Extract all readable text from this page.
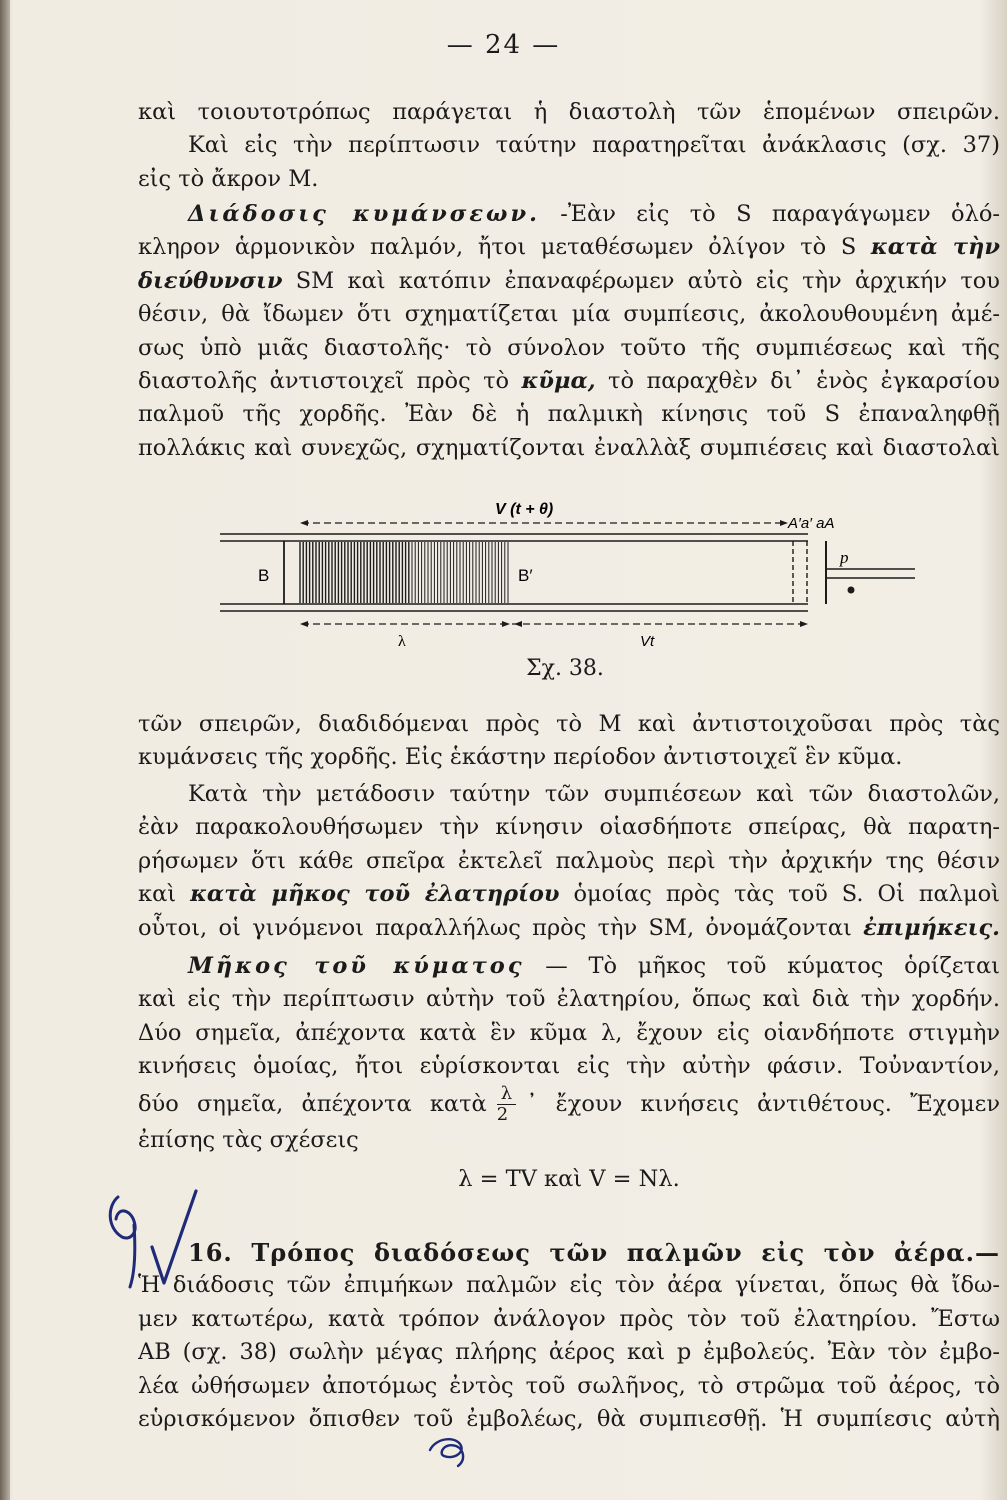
— 24 —
καὶ τοιουτοτρόπως παράγεται ἡ διαστολὴ τῶν ἑπομένων σπειρῶν.
Καὶ εἰς τὴν περίπτωσιν ταύτην παρατηρεῖται ἀνάκλασις (σχ. 37)
εἰς τὸ ἄκρον Μ.
Διάδοσις κυμάνσεων. -Ἐὰν εἰς τὸ S παραγάγωμεν ὁλό-
κληρον ἁρμονικὸν παλμόν, ἤτοι μεταθέσωμεν ὀλίγον τὸ S κατὰ τὴν
διεύθυνσιν SM καὶ κατόπιν ἐπαναφέρωμεν αὐτὸ εἰς τὴν ἀρχικήν του
θέσιν, θὰ ἴδωμεν ὅτι σχηματίζεται μία συμπίεσις, ἀκολουθουμένη ἀμέ-
σως ὑπὸ μιᾶς διαστολῆς· τὸ σύνολον τοῦτο τῆς συμπιέσεως καὶ τῆς
διαστολῆς ἀντιστοιχεῖ πρὸς τὸ κῦμα, τὸ παραχθὲν δι᾿ ἑνὸς ἐγκαρσίου
παλμοῦ τῆς χορδῆς. Ἐὰν δὲ ἡ παλμικὴ κίνησις τοῦ S ἐπαναληφθῇ
πολλάκις καὶ συνεχῶς, σχηματίζονται ἐναλλὰξ συμπιέσεις καὶ διαστολαὶ
V (t + θ)
A′a′ aA
B	B′
p
λ	Vt
Σχ. 38.
τῶν σπειρῶν, διαδιδόμεναι πρὸς τὸ Μ καὶ ἀντιστοιχοῦσαι πρὸς τὰς
κυμάνσεις τῆς χορδῆς. Εἰς ἑκάστην περίοδον ἀντιστοιχεῖ ἓν κῦμα.
Κατὰ τὴν μετάδοσιν ταύτην τῶν συμπιέσεων καὶ τῶν διαστολῶν,
ἐὰν παρακολουθήσωμεν τὴν κίνησιν οἱασδήποτε σπείρας, θὰ παρατη-
ρήσωμεν ὅτι κάθε σπεῖρα ἐκτελεῖ παλμοὺς περὶ τὴν ἀρχικήν της θέσιν
καὶ κατὰ μῆκος τοῦ ἐλατηρίου ὁμοίας πρὸς τὰς τοῦ S. Οἱ παλμοὶ
οὗτοι, οἱ γινόμενοι παραλλήλως πρὸς τὴν SM, ὀνομάζονται ἐπιμήκεις.
Μῆκος τοῦ κύματος — Τὸ μῆκος τοῦ κύματος ὁρίζεται
καὶ εἰς τὴν περίπτωσιν αὐτὴν τοῦ ἐλατηρίου, ὅπως καὶ διὰ τὴν χορδήν.
Δύο σημεῖα, ἀπέχοντα κατὰ ἓν κῦμα λ, ἔχουν εἰς οἱανδήποτε στιγμὴν
κινήσεις ὁμοίας, ἤτοι εὑρίσκονται εἰς τὴν αὐτὴν φάσιν. Τοὐναντίον,
δύο σημεῖα, ἀπέχοντα κατὰ $\frac{\lambda}{2}$ ᾿ ἔχουν κινήσεις ἀντιθέτους. Ἔχομεν
ἐπίσης τὰς σχέσεις
λ = TV καὶ V = Nλ.
16. Τρόπος διαδόσεως τῶν παλμῶν εἰς τὸν ἀέρα.—
Ἡ διάδοσις τῶν ἐπιμήκων παλμῶν εἰς τὸν ἀέρα γίνεται, ὅπως θὰ ἴδω-
μεν κατωτέρω, κατὰ τρόπον ἀνάλογον πρὸς τὸν τοῦ ἐλατηρίου. Ἔστω
AB (σχ. 38) σωλὴν μέγας πλήρης ἀέρος καὶ p ἐμβολεύς. Ἐὰν τὸν ἐμβο-
λέα ὠθήσωμεν ἀποτόμως ἐντὸς τοῦ σωλῆνος, τὸ στρῶμα τοῦ ἀέρος, τὸ
εὑρισκόμενον ὄπισθεν τοῦ ἐμβολέως, θὰ συμπιεσθῇ. Ἡ συμπίεσις αὐτὴ
